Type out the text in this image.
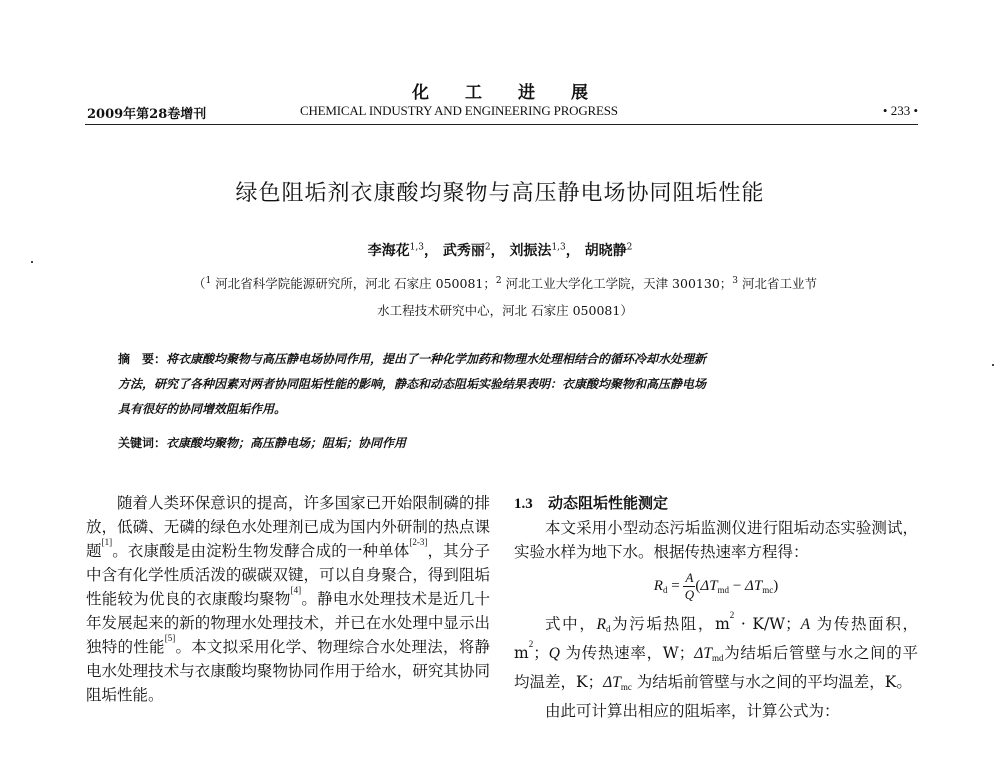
化工进展
2009年第28卷增刊	CHEMICAL INDUSTRY AND ENGINEERING PROGRESS	• 233 •
绿色阻垢剂衣康酸均聚物与高压静电场协同阻垢性能
李海花$^{1,3}$， 武秀丽$^2$， 刘振法$^{1,3}$， 胡晓静$^2$
（$^1$ 河北省科学院能源研究所，河北 石家庄 050081；$^2$ 河北工业大学化工学院，天津 300130；$^3$ 河北省工业节
水工程技术研究中心，河北 石家庄 050081）
摘　要：将衣康酸均聚物与高压静电场协同作用，提出了一种化学加药和物理水处理相结合的循环冷却水处理新
方法，研究了各种因素对两者协同阻垢性能的影响，静态和动态阻垢实验结果表明：衣康酸均聚物和高压静电场
具有很好的协同增效阻垢作用。
关键词：衣康酸均聚物；高压静电场；阻垢；协同作用

随着人类环保意识的提高，许多国家已开始限制磷的排放，低磷、无磷的绿色水处理剂已成为国内外研制的热点课题[1]。衣康酸是由淀粉生物发酵合成的一种单体[2-3]，其分子中含有化学性质活泼的碳碳双键，可以自身聚合，得到阻垢性能较为优良的衣康酸均聚物[4]。静电水处理技术是近几十年发展起来的新的物理水处理技术，并已在水处理中显示出独特的性能[5]。本文拟采用化学、物理综合水处理法，将静电水处理技术与衣康酸均聚物协同作用于给水，研究其协同阻垢性能。

1.3 动态阻垢性能测定

本文采用小型动态污垢监测仪进行阻垢动态实验测试，实验水样为地下水。根据传热速率方程得：

$R_d = \frac{A}{Q} (\Delta T_{md} - \Delta T_{mc})$

式中，$R_d$为污垢热阻，$m^2 \cdot K/W$；A 为传热面积，$m^2$；Q 为传热速率，W；$\Delta T_{md}$为结垢后管壁与水之间的平均温差，K；$\Delta T_{mc}$ 为结垢前管壁与水之间的平均温差，K。

由此可计算出相应的阻垢率，计算公式为：
